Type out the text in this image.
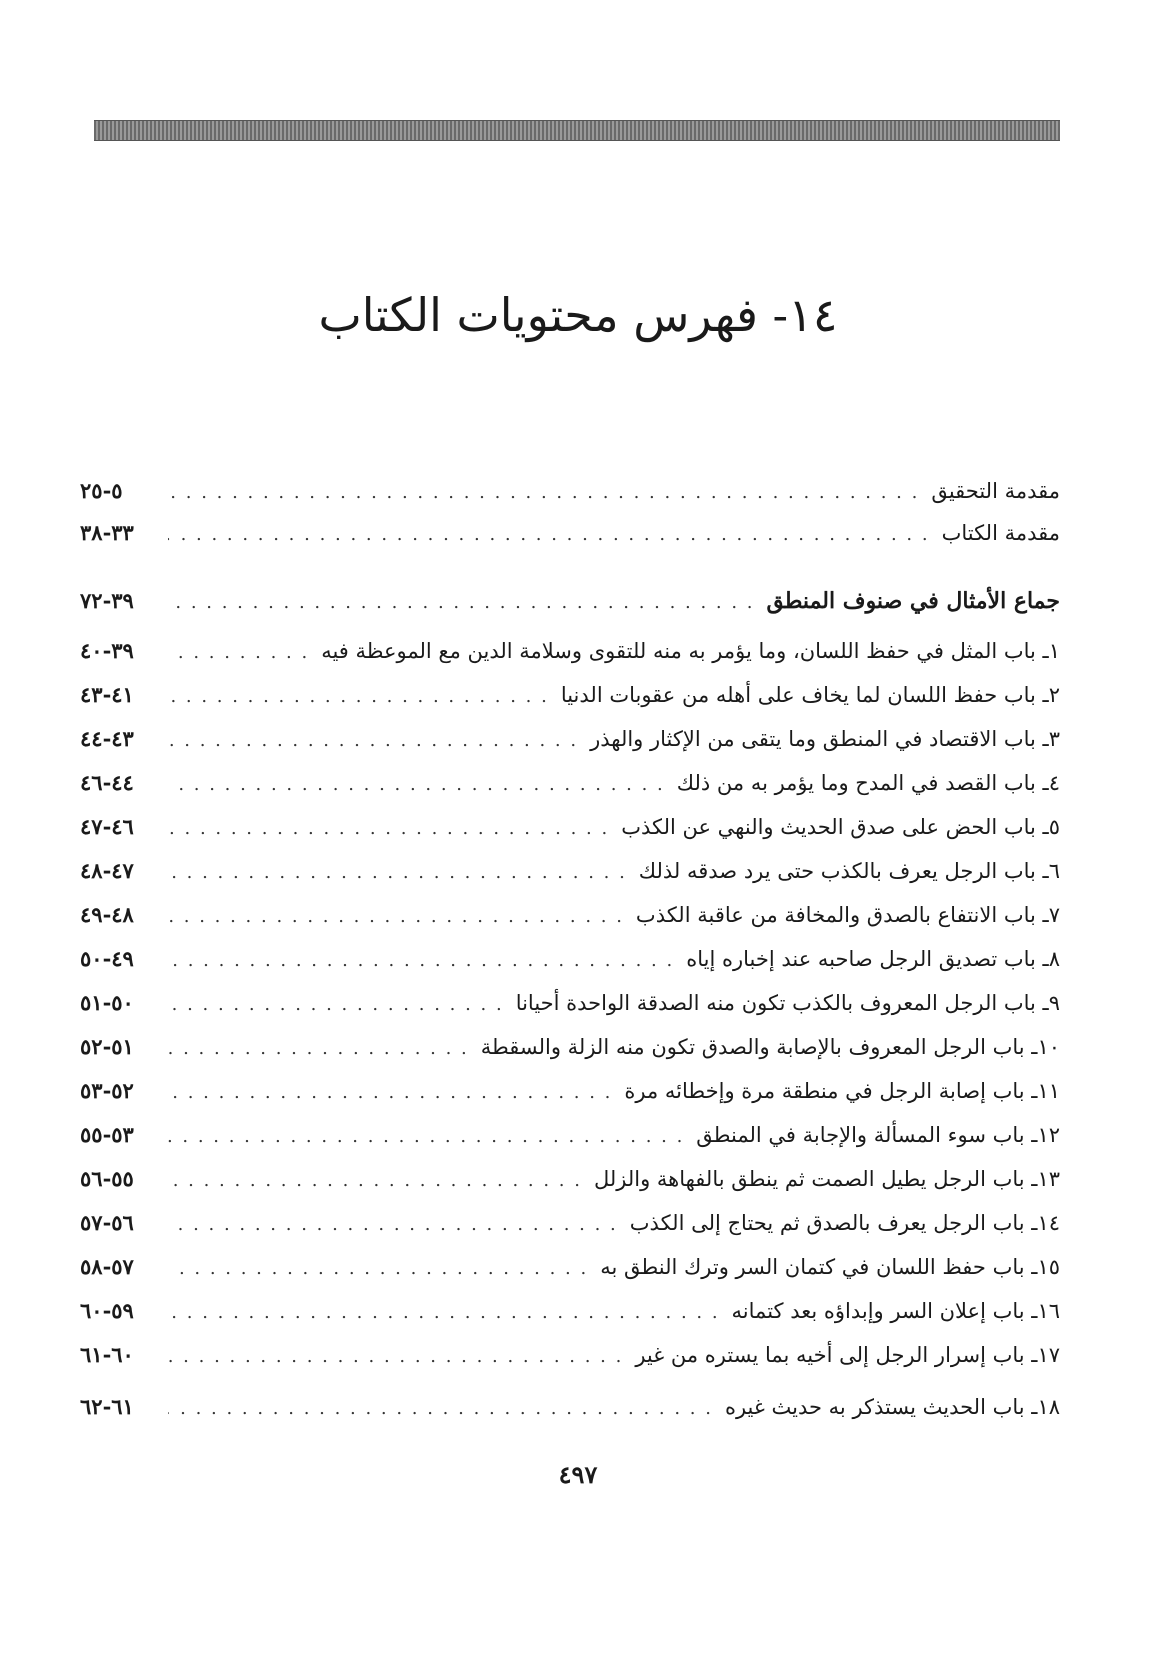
١٤- فهرس محتويات الكتاب
مقدمة التحقيق
. . .
٥-٢٥
مقدمة الكتاب
. . .
٣٣-٣٨
جماع الأمثال في صنوف المنطق
. . .
٣٩-٧٢
١ـ باب المثل في حفظ اللسان، وما يؤمر به منه للتقوى وسلامة الدين مع الموعظة فيه
. . .
٣٩-٤٠
٢ـ باب حفظ اللسان لما يخاف على أهله من عقوبات الدنيا
. . .
٤١-٤٣
٣ـ باب الاقتصاد في المنطق وما يتقى من الإكثار والهذر
. . .
٤٣-٤٤
٤ـ باب القصد في المدح وما يؤمر به من ذلك
. . .
٤٤-٤٦
٥ـ باب الحض على صدق الحديث والنهي عن الكذب
. . .
٤٦-٤٧
٦ـ باب الرجل يعرف بالكذب حتى يرد صدقه لذلك
. . .
٤٧-٤٨
٧ـ باب الانتفاع بالصدق والمخافة من عاقبة الكذب
. . .
٤٨-٤٩
٨ـ باب تصديق الرجل صاحبه عند إخباره إياه
. . .
٤٩-٥٠
٩ـ باب الرجل المعروف بالكذب تكون منه الصدقة الواحدة أحيانا
. . .
٥٠-٥١
١٠ـ باب الرجل المعروف بالإصابة والصدق تكون منه الزلة والسقطة
. . .
٥١-٥٢
١١ـ باب إصابة الرجل في منطقة مرة وإخطائه مرة
. . .
٥٢-٥٣
١٢ـ باب سوء المسألة والإجابة في المنطق
. . .
٥٣-٥٥
١٣ـ باب الرجل يطيل الصمت ثم ينطق بالفهاهة والزلل
. . .
٥٥-٥٦
١٤ـ باب الرجل يعرف بالصدق ثم يحتاج إلى الكذب
. . .
٥٦-٥٧
١٥ـ باب حفظ اللسان في كتمان السر وترك النطق به
. . .
٥٧-٥٨
١٦ـ باب إعلان السر وإبداؤه بعد كتمانه
. . .
٥٩-٦٠
١٧ـ باب إسرار الرجل إلى أخيه بما يستره من غير
. . .
٦٠-٦١
١٨ـ باب الحديث يستذكر به حديث غيره
. . .
٦١-٦٢
٤٩٧
